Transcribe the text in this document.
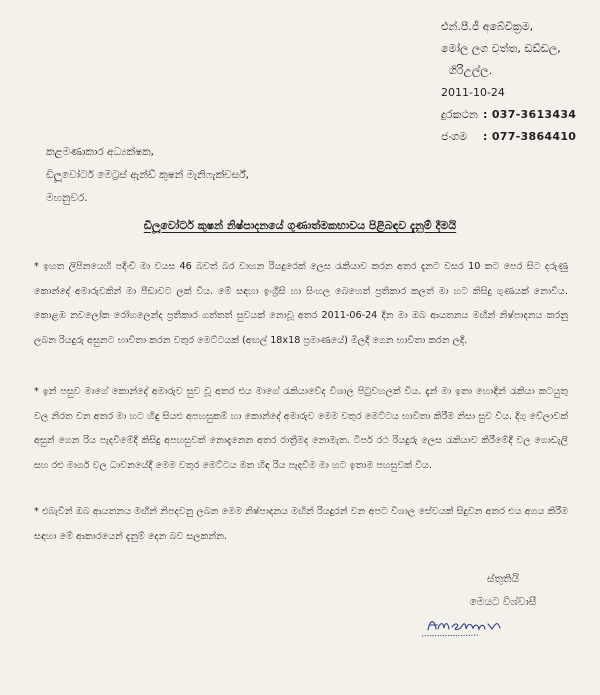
එන්.පී.ජී අබේවික්‍රම,
මෝල ලග වත්ත, ඩඩ්ඩල,
ගිරිඋල්ල.
2011-10-24
දුරකථන : 037-3613434
ජංගම	: 077-3864410
කළමණාකාර අධ්‍යක්ෂක,
ඩිලූවෝටර් මෙට්‍රස් ඇන්ඩ් කුෂන් මැනිෆැක්චර්ස්,
මහනුවර.
ඩිලූවෝටර් කුෂන් නිෂ්පාදනයේ ගුණාත්මකභාවය පිළිබඳව දැනුම් දීමයි
* ඉහත ලිපිනයෙහි පදිංචි මා වයස 46 බවත් බර වාහන රියදුරෙක් ලෙස රැකියාව කරන අතර දැනට වසර 10 කට පෙර සිට දරුණු කොන්දේ අමාරුවකින් මා පීඩාවට ලක් විය. මේ සඳහා ඉංග්‍රීසි හා සිංහල බෙහෙත් ප්‍රතිකාර කලත් මා හට කිසිදු ගුණයක් නොවිය. කොළඹ නවලෝක රෝහලෙන්ද ප්‍රතිකාර ගත්තත් සුවයක් නොවූ අතර 2011-06-24 දින මා ඔබ ආයතනය මඟින් නිෂ්පාදනය කරනු ලබන රියදුරු අසුනට භාවිතා කරන වතුර මෙට්ටයක් (අඟල් 18x18 ප්‍රමාණයේ) මිලදී ගෙන භාවිතා කරන ලදී.
* ඉන් පසුව මාගේ කොන්දේ අමාරුව සුව වූ අතර එය මාගේ රැකියාවේද විශාල පිටුවහලක් විය. දැන් මා ඉතා හොඳින් රැකියා කටයුතු වල නිරත වන අතර මා හට හිඳු සියළු අපහසුකම් හා කොන්දේ අමාරුව මෙම වතුර මෙට්ටය භාවිතා කිරීම නිසා සුව විය. දිගු වේලාවක් අසුන් ගෙන රිය පැදවීමේදී කිසිදු අපහසුවක් නොදැනෙන අතර රාත්‍රීමද නොමැත. ටිපර් රථ රියදුරු ලෙස රැකියාව කිරීමේදී වල ගොඩැලි සහ රළු මාර්ග වල ධාවනයේදී මෙම වතුර මෙට්ටය මත හිඳ රිය පැදවීම මා හට ඉතාම පහසුවක් විය.
* එබැවින් ඔබ ආයතනය මඟින් නිපදවනු ලබන මෙම නිෂ්පාදනය මඟින් රියදුරන් වන අපට විශාල සේවයක් සිදුවන අතර එය අගය කිරීම සඳහා මේ ආකාරයෙන් දැනුම් දෙන බව සලකන්න.
ස්තුතියි
මෙයට විශ්වාසී
